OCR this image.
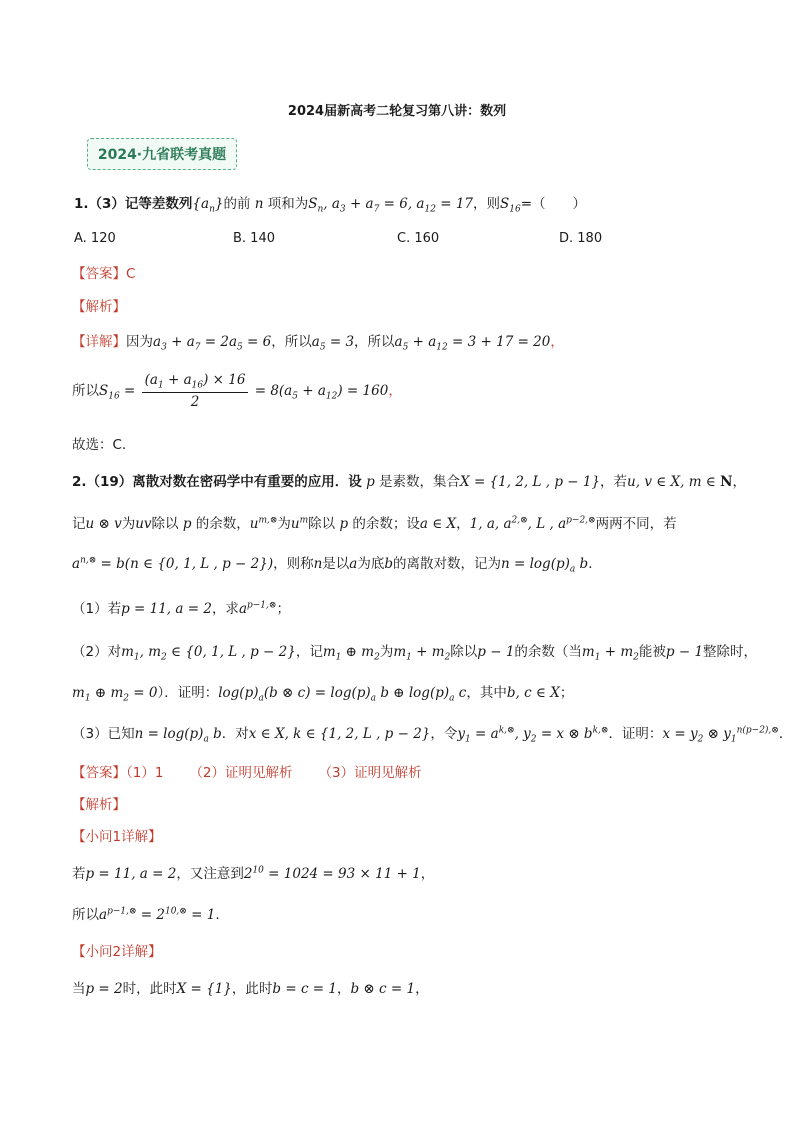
2024届新高考二轮复习第八讲：数列
2024·九省联考真题
1.（3）记等差数列$\{a_n\}$的前 n 项和为$S_n$, $a_3 + a_7 = 6$, $a_{12} = 17$，则$S_{16}=$（　　）
A. 120	B. 140	C. 160	D. 180
【答案】C
【解析】
【详解】因为$a_3 + a_7 = 2a_5 = 6$，所以$a_5 = 3$，所以$a_5 + a_{12} = 3 + 17 = 20$，
所以$S_{16} = \frac{(a_1 + a_{16}) \times 16}{2} = 8(a_5 + a_{12}) = 160$，
故选：C.
2.（19）离散对数在密码学中有重要的应用．设 p 是素数，集合X = {1, 2, L , p − 1}，若u, v ∈ X, m ∈ N，
记u ⊗ v为uv除以 p 的余数，$u^{m,\otimes}$为$u^m$除以 p 的余数；设a ∈ X，1, a, $a^{2,\otimes}$, L , $a^{p-2,\otimes}$两两不同，若
$a^{n,\otimes} = b(n$ ∈ {0, 1, L , p − 2})，则称n是以a为底b的离散对数，记为$n = \log(p)_a$ b．
（1）若p = 11, a = 2，求$a^{p-1,\otimes}$；
（2）对$m_1$, $m_2$ ∈ {0, 1, L , p − 2}，记$m_1$ ⊕ $m_2$为$m_1 + m_2$除以p − 1的余数（当$m_1 + m_2$能被p − 1整除时，
$m_1$ ⊕ $m_2 = 0$）．证明：$\log(p)_a(b$ ⊗ $c) = \log(p)_a$ b ⊕ $\log(p)_a$ c，其中b, c ∈ X；
（3）已知$n = \log(p)_a$ b．对x ∈ X, k ∈ {1, 2, L , p − 2}，令$y_1 = a^{k,\otimes}$, $y_2 = x$ ⊗ $b^{k,\otimes}$．证明：$x = y_2$ ⊗ $y_1^{n(p-2),\otimes}$．
【答案】（1）1 （2）证明见解析 （3）证明见解析
【解析】
【小问1详解】
若p = 11, a = 2，又注意到$2^{10} = 1024 = 93 \times 11 + 1$，
所以$a^{p-1,\otimes} = 2^{10,\otimes} = 1$.
【小问2详解】
当p = 2时，此时X = {1}，此时b = c = 1，b ⊗ c = 1，
